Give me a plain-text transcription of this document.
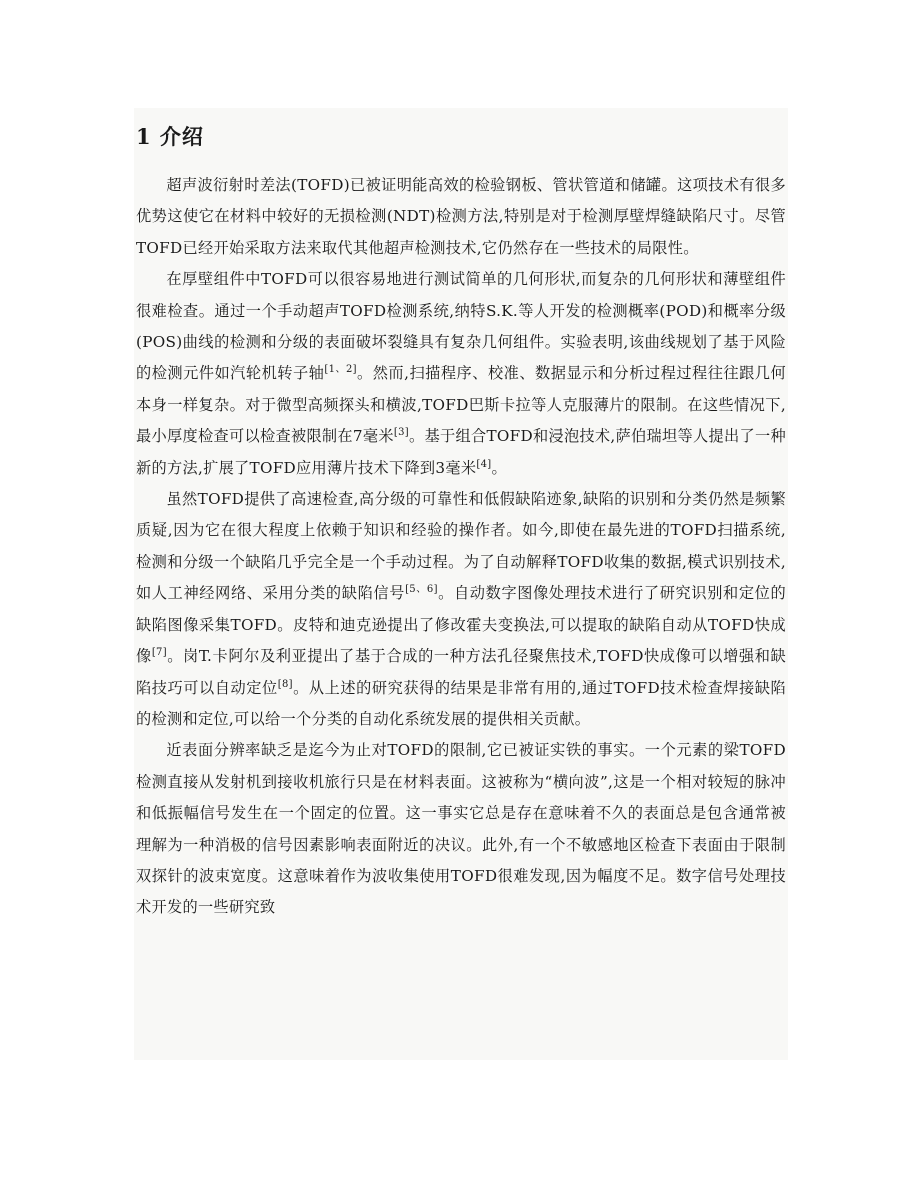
1 介绍

超声波衍射时差法(TOFD)已被证明能高效的检验钢板、管状管道和储罐。这项技术有很多优势这使它在材料中较好的无损检测(NDT)检测方法,特别是对于检测厚壁焊缝缺陷尺寸。尽管TOFD已经开始采取方法来取代其他超声检测技术,它仍然存在一些技术的局限性。

在厚壁组件中TOFD可以很容易地进行测试简单的几何形状,而复杂的几何形状和薄壁组件很难检查。通过一个手动超声TOFD检测系统,纳特S.K.等人开发的检测概率(POD)和概率分级(POS)曲线的检测和分级的表面破坏裂缝具有复杂几何组件。实验表明,该曲线规划了基于风险的检测元件如汽轮机转子轴[1、2]。然而,扫描程序、校准、数据显示和分析过程过程往往跟几何本身一样复杂。对于微型高频探头和横波,TOFD巴斯卡拉等人克服薄片的限制。在这些情况下,最小厚度检查可以检查被限制在7毫米[3]。基于组合TOFD和浸泡技术,萨伯瑞坦等人提出了一种新的方法,扩展了TOFD应用薄片技术下降到3毫米[4]。

虽然TOFD提供了高速检查,高分级的可靠性和低假缺陷迹象,缺陷的识别和分类仍然是频繁质疑,因为它在很大程度上依赖于知识和经验的操作者。如今,即使在最先进的TOFD扫描系统,检测和分级一个缺陷几乎完全是一个手动过程。为了自动解释TOFD收集的数据,模式识别技术,如人工神经网络、采用分类的缺陷信号[5、6]。自动数字图像处理技术进行了研究识别和定位的缺陷图像采集TOFD。皮特和迪克逊提出了修改霍夫变换法,可以提取的缺陷自动从TOFD快成像[7]。岗T.卡阿尔及利亚提出了基于合成的一种方法孔径聚焦技术,TOFD快成像可以增强和缺陷技巧可以自动定位[8]。从上述的研究获得的结果是非常有用的,通过TOFD技术检查焊接缺陷的检测和定位,可以给一个分类的自动化系统发展的提供相关贡献。

近表面分辨率缺乏是迄今为止对TOFD的限制,它已被证实铁的事实。一个元素的梁TOFD检测直接从发射机到接收机旅行只是在材料表面。这被称为“横向波”,这是一个相对较短的脉冲和低振幅信号发生在一个固定的位置。这一事实它总是存在意味着不久的表面总是包含通常被理解为一种消极的信号因素影响表面附近的决议。此外,有一个不敏感地区检查下表面由于限制双探针的波束宽度。这意味着作为波收集使用TOFD很难发现,因为幅度不足。数字信号处理技术开发的一些研究致
